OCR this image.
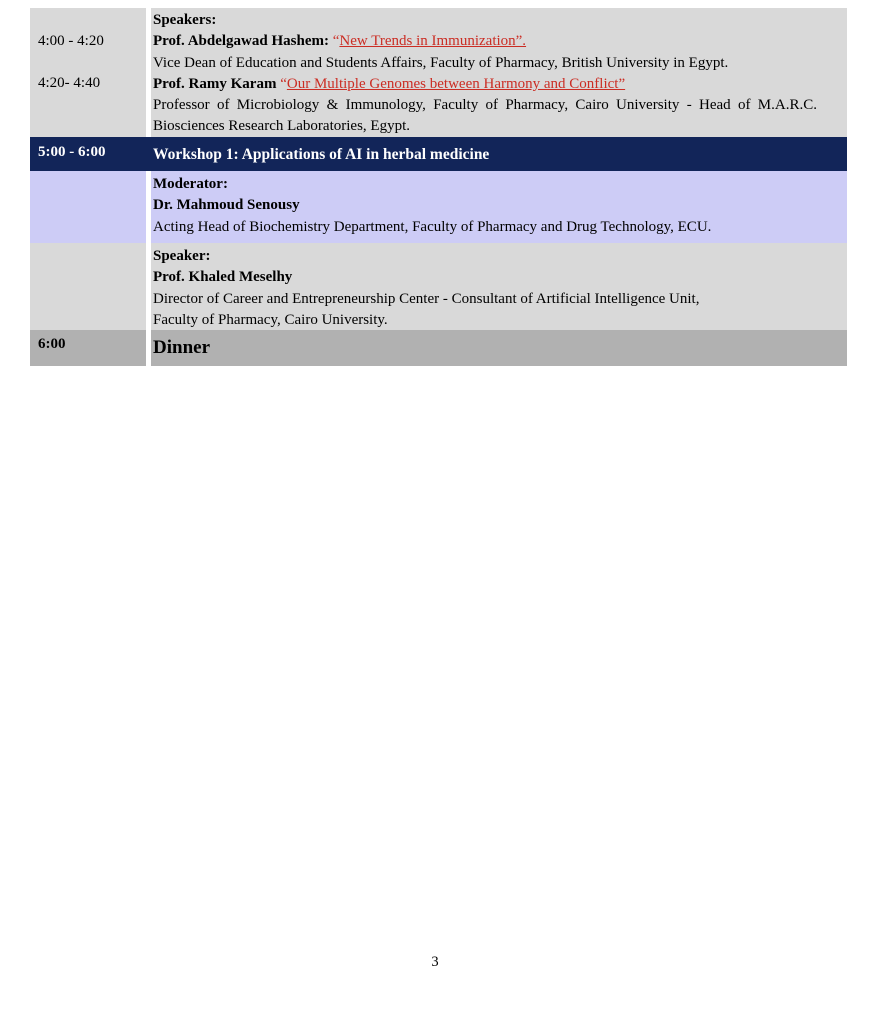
4:00 - 4:20
4:20- 4:40
Speakers:
Prof. Abdelgawad Hashem: “New Trends in Immunization”.
Vice Dean of Education and Students Affairs, Faculty of Pharmacy, British University in Egypt.
Prof. Ramy Karam “Our Multiple Genomes between Harmony and Conflict”
Professor of Microbiology & Immunology, Faculty of Pharmacy, Cairo University - Head of M.A.R.C.
Biosciences Research Laboratories, Egypt.
5:00 - 6:00	Workshop 1: Applications of AI in herbal medicine
Moderator:
Dr. Mahmoud Senousy
Acting Head of Biochemistry Department, Faculty of Pharmacy and Drug Technology, ECU.
Speaker:
Prof. Khaled Meselhy
Director of Career and Entrepreneurship Center - Consultant of Artificial Intelligence Unit,
Faculty of Pharmacy, Cairo University.
6:00	Dinner
3
